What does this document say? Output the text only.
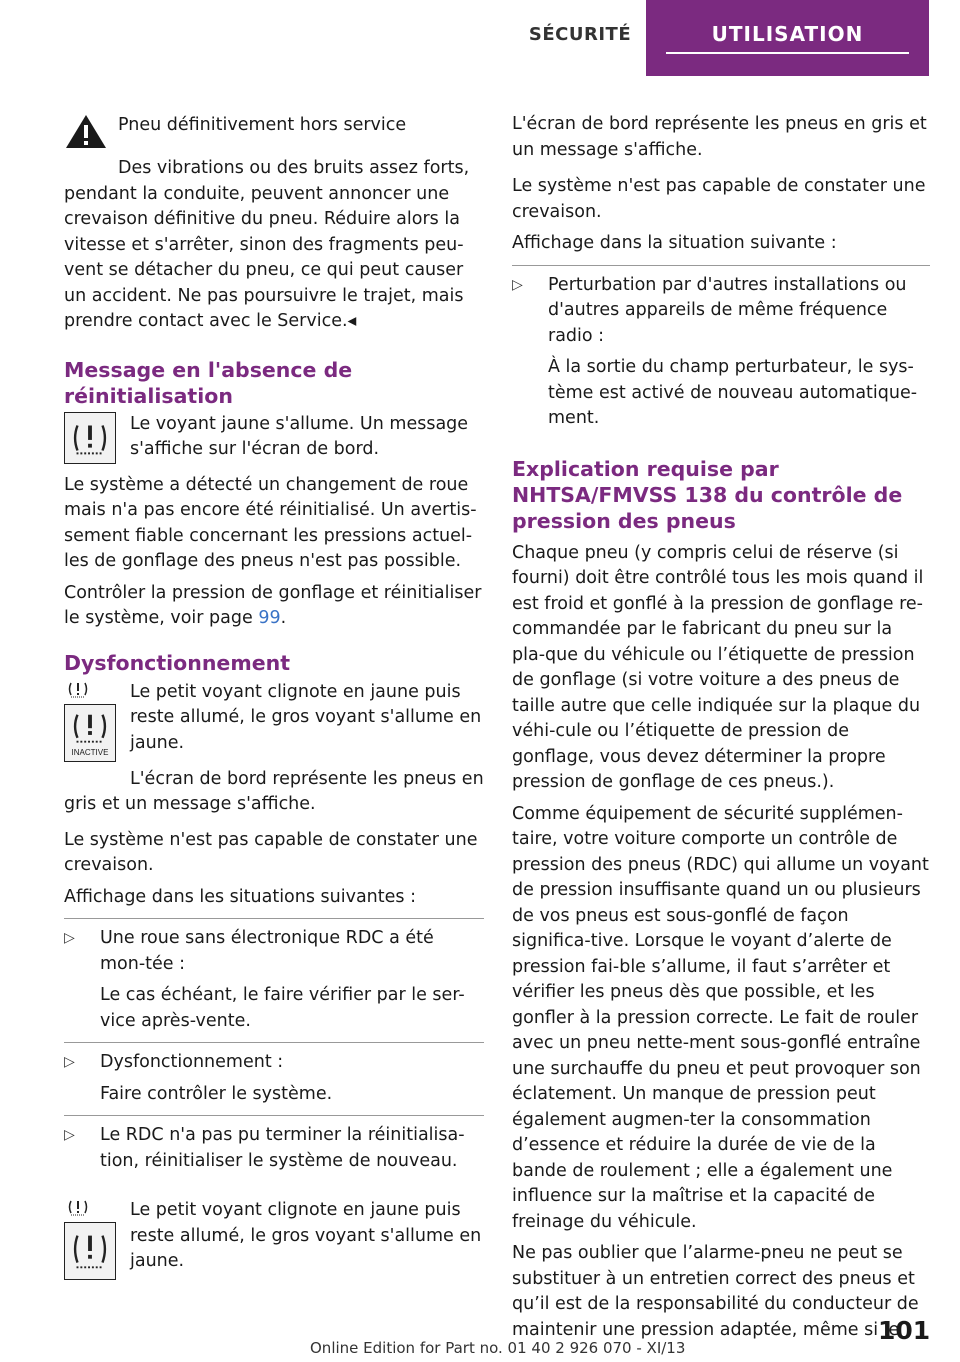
SÉCURITÉ	UTILISATION

Pneu définitivement hors service

Des vibrations ou des bruits assez forts, pendant la conduite, peuvent annoncer une crevaison définitive du pneu. Réduire alors la vitesse et s'arrêter, sinon des fragments peu-vent se détacher du pneu, ce qui peut causer un accident. Ne pas poursuivre le trajet, mais prendre contact avec le Service.◂

Message en l'absence de réinitialisation

Le voyant jaune s'allume. Un message s'affiche sur l'écran de bord.

Le système a détecté un changement de roue mais n'a pas encore été réinitialisé. Un avertis-sement fiable concernant les pressions actuel-les de gonflage des pneus n'est pas possible.

Contrôler la pression de gonflage et réinitialiser le système, voir page 99.

Dysfonctionnement
INACTIVE

Le petit voyant clignote en jaune puis reste allumé, le gros voyant s'allume en jaune.

L'écran de bord représente les pneus en gris et un message s'affiche.

Le système n'est pas capable de constater une crevaison.

Affichage dans les situations suivantes :

▷	Une roue sans électronique RDC a été mon-tée :

Le cas échéant, le faire vérifier par le ser-vice après-vente.

▷	Dysfonctionnement :

Faire contrôler le système.

▷	Le RDC n'a pas pu terminer la réinitialisa-tion, réinitialiser le système de nouveau.

Le petit voyant clignote en jaune puis reste allumé, le gros voyant s'allume en jaune.

L'écran de bord représente les pneus en gris et un message s'affiche.

Le système n'est pas capable de constater une crevaison.

Affichage dans la situation suivante :

▷	Perturbation par d'autres installations ou d'autres appareils de même fréquence radio :

À la sortie du champ perturbateur, le sys-tème est activé de nouveau automatique-ment.

Explication requise par NHTSA/FMVSS 138 du contrôle de pression des pneus

Chaque pneu (y compris celui de réserve (si fourni) doit être contrôlé tous les mois quand il est froid et gonflé à la pression de gonflage re-commandée par le fabricant du pneu sur la pla-que du véhicule ou l’étiquette de pression de gonflage (si votre voiture a des pneus de taille autre que celle indiquée sur la plaque du véhi-cule ou l’étiquette de pression de gonflage, vous devez déterminer la propre pression de gonflage de ces pneus.).

Comme équipement de sécurité supplémen-taire, votre voiture comporte un contrôle de pression des pneus (RDC) qui allume un voyant de pression insuffisante quand un ou plusieurs de vos pneus est sous-gonflé de façon significa-tive. Lorsque le voyant d’alerte de pression fai-ble s’allume, il faut s’arrêter et vérifier les pneus dès que possible, et les gonfler à la pression correcte. Le fait de rouler avec un pneu nette-ment sous-gonflé entraîne une surchauffe du pneu et peut provoquer son éclatement. Un manque de pression peut également augmen-ter la consommation d’essence et réduire la durée de vie de la bande de roulement ; elle a également une influence sur la maîtrise et la capacité de freinage du véhicule.

Ne pas oublier que l’alarme-pneu ne peut se substituer à un entretien correct des pneus et qu’il est de la responsabilité du conducteur de maintenir une pression adaptée, même si le

101
Online Edition for Part no. 01 40 2 926 070 - XI/13
